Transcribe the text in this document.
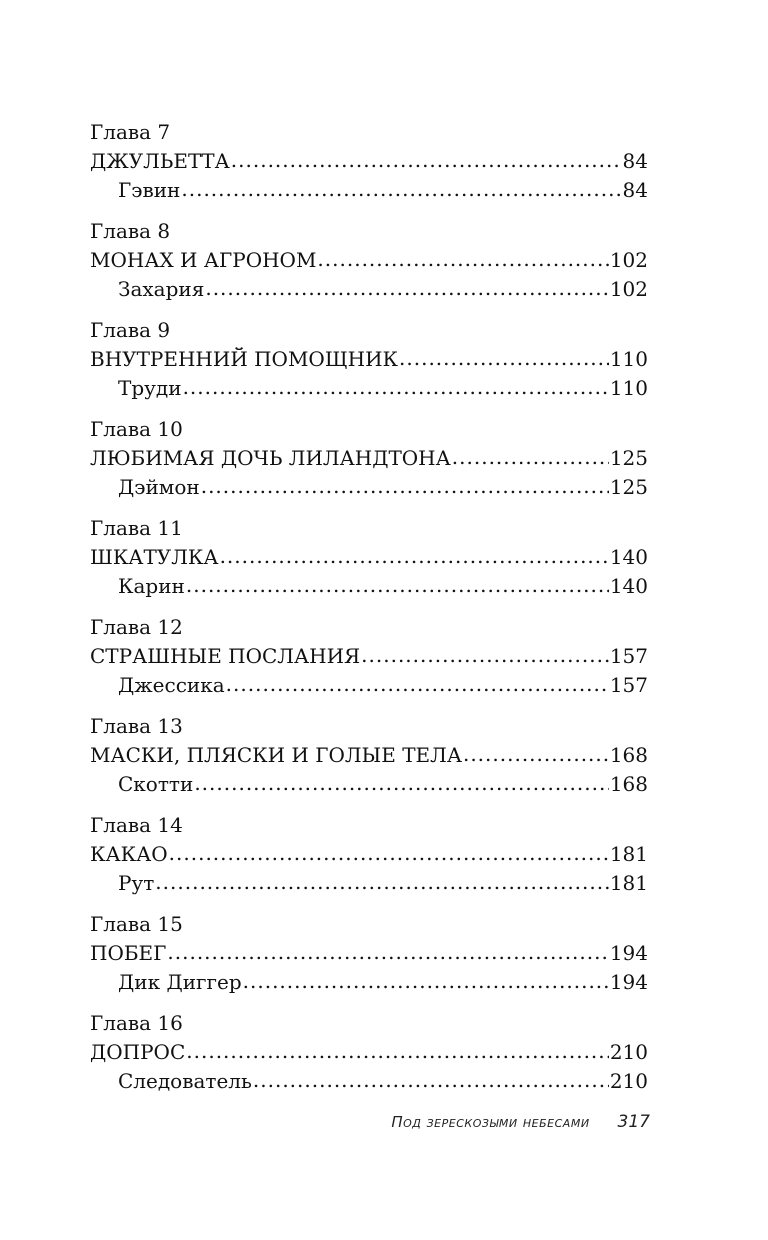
Глава 7
ДЖУЛЬЕТТА .....	84
Гэвин .....	84
Глава 8
МОНАХ И АГРОНОМ .....	102
Захария .....	102
Глава 9
ВНУТРЕННИЙ ПОМОЩНИК .....	110
Труди .....	110
Глава 10
ЛЮБИМАЯ ДОЧЬ ЛИЛАНДТОНА .....	125
Дэймон .....	125
Глава 11
ШКАТУЛКА .....	140
Карин .....	140
Глава 12
СТРАШНЫЕ ПОСЛАНИЯ .....	157
Джессика .....	157
Глава 13
МАСКИ, ПЛЯСКИ И ГОЛЫЕ ТЕЛА .....	168
Скотти .....	168
Глава 14
КАКАО .....	181
Рут .....	181
Глава 15
ПОБЕГ .....	194
Дик Диггер .....	194
Глава 16
ДОПРОС .....	210
Следователь .....	210
Под зерескозыми небесами 317
